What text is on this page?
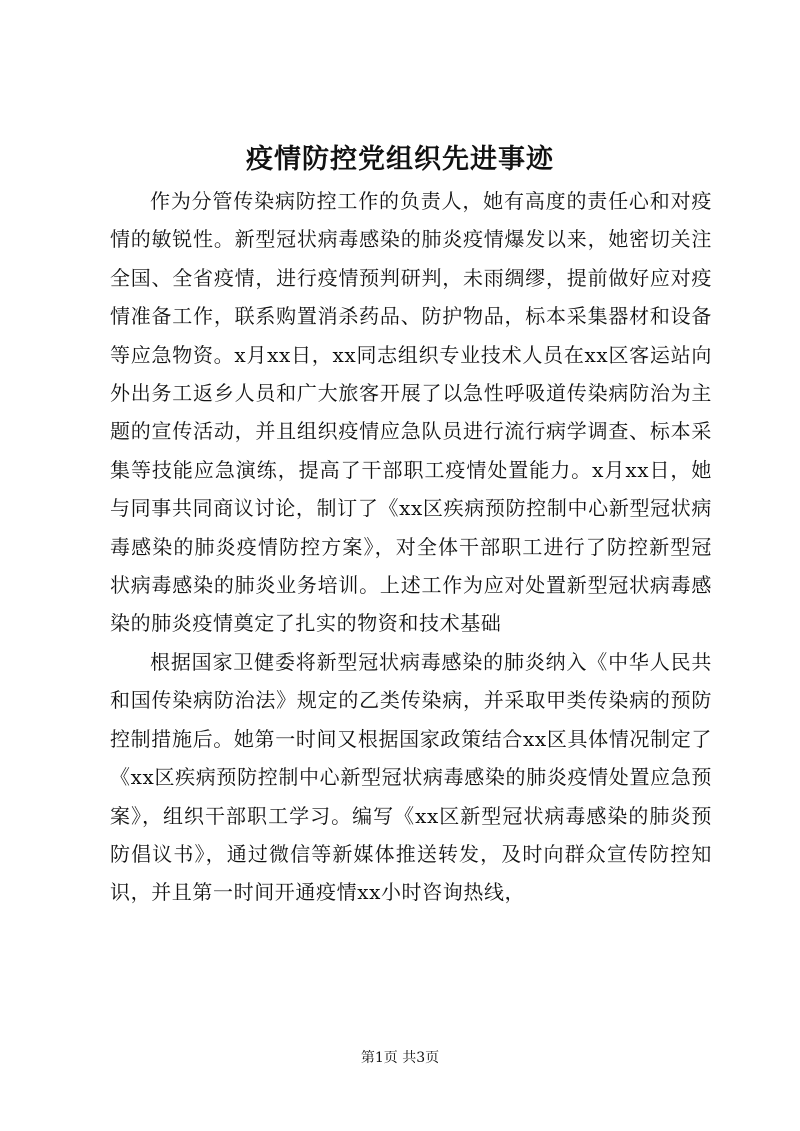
疫情防控党组织先进事迹

作为分管传染病防控工作的负责人，她有高度的责任心和对疫情的敏锐性。新型冠状病毒感染的肺炎疫情爆发以来，她密切关注全国、全省疫情，进行疫情预判研判，未雨绸缪，提前做好应对疫情准备工作，联系购置消杀药品、防护物品，标本采集器材和设备等应急物资。x月xx日，xx同志组织专业技术人员在xx区客运站向外出务工返乡人员和广大旅客开展了以急性呼吸道传染病防治为主题的宣传活动，并且组织疫情应急队员进行流行病学调查、标本采集等技能应急演练，提高了干部职工疫情处置能力。x月xx日，她与同事共同商议讨论，制订了《xx区疾病预防控制中心新型冠状病毒感染的肺炎疫情防控方案》，对全体干部职工进行了防控新型冠状病毒感染的肺炎业务培训。上述工作为应对处置新型冠状病毒感染的肺炎疫情奠定了扎实的物资和技术基础

根据国家卫健委将新型冠状病毒感染的肺炎纳入《中华人民共和国传染病防治法》规定的乙类传染病，并采取甲类传染病的预防控制措施后。她第一时间又根据国家政策结合xx区具体情况制定了《xx区疾病预防控制中心新型冠状病毒感染的肺炎疫情处置应急预案》，组织干部职工学习。编写《xx区新型冠状病毒感染的肺炎预防倡议书》，通过微信等新媒体推送转发，及时向群众宣传防控知识，并且第一时间开通疫情xx小时咨询热线，

第1页 共3页
